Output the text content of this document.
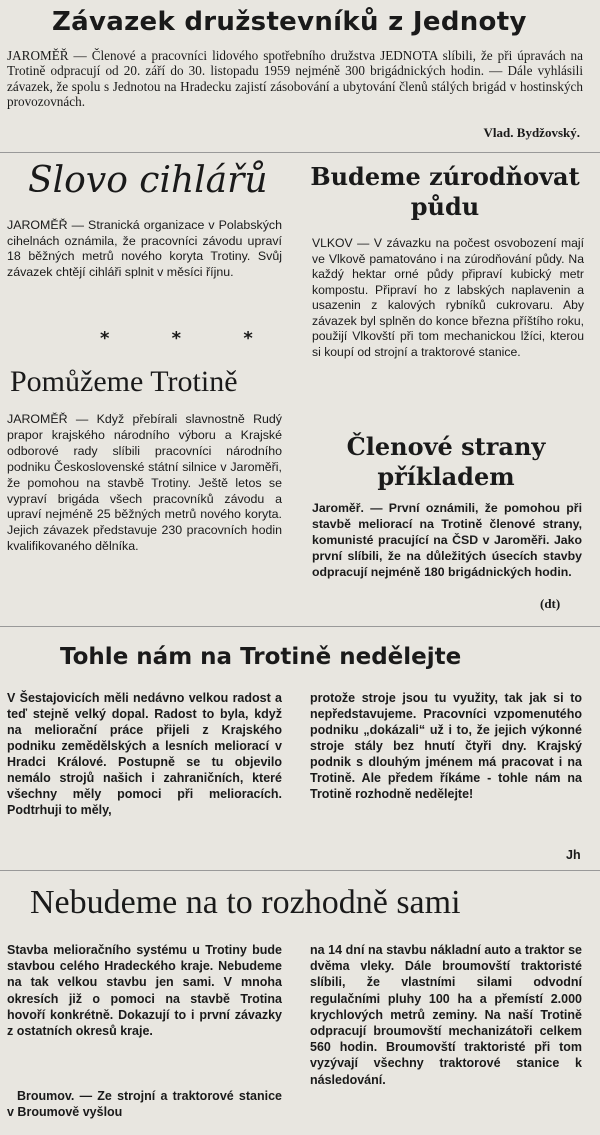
Závazek družstevníků z Jednoty

JAROMĚŘ — Členové a pracovníci lidového spotřebního družstva JEDNOTA slíbili, že při úpravách na Trotině odpracují od 20. září do 30. listopadu 1959 nejméně 300 brigádnických hodin. — Dále vyhlásili závazek, že spolu s Jednotou na Hradecku zajistí zásobování a ubytování členů stálých brigád v hostinských provozovnách.

Vlad. Bydžovský.
Slovo cihlářů

JAROMĚŘ — Stranická organizace v Polabských cihelnách oznámila, že pracovníci závodu upraví 18 běžných metrů nového koryta Trotiny. Svůj závazek chtějí cihláři splnit v měsíci říjnu.

* * *
Budeme zúrodňovat půdu

VLKOV — V závazku na počest osvobození mají ve Vlkově pamatováno i na zúrodňování půdy. Na každý hektar orné půdy připraví kubický metr kompostu. Připraví ho z labských naplavenin a usazenin z kalových rybníků cukrovaru. Aby závazek byl splněn do konce března příštího roku, použijí Vlkovští při tom mechanickou lžíci, kterou si koupí od strojní a traktorové stanice.

Pomůžeme Trotině

JAROMĚŘ — Když přebírali slavnostně Rudý prapor krajského národního výboru a Krajské odborové rady slíbili pracovníci národního podniku Československé státní silnice v Jaroměři, že pomohou na stavbě Trotiny. Ještě letos se vypraví brigáda všech pracovníků závodu a upraví nejméně 25 běžných metrů nového koryta. Jejich závazek představuje 230 pracovních hodin kvalifikovaného dělníka.

Členové strany příkladem

Jaroměř. — První oznámili, že pomohou při stavbě meliorací na Trotině členové strany, komunisté pracující na ČSD v Jaroměři. Jako první slíbili, že na důležitých úsecích stavby odpracují nejméně 180 brigádnických hodin.

(dt)
Tohle nám na Trotině nedělejte

V Šestajovicích měli nedávno velkou radost a teď stejně velký dopal. Radost to byla, když na meliorační práce přijeli z Krajského podniku zemědělských a lesních meliorací v Hradci Králové. Postupně se tu objevilo nemálo strojů našich i zahraničních, které všechny měly pomoci při melioracích. Podtrhuji to měly,

protože stroje jsou tu využity, tak jak si to nepředstavujeme. Pracovníci vzpomenutého podniku „dokázali“ už i to, že jejich výkonné stroje stály bez hnutí čtyři dny. Krajský podnik s dlouhým jménem má pracovat i na Trotině. Ale předem říkáme - tohle nám na Trotině rozhodně nedělejte!

Jh
Nebudeme na to rozhodně sami

Stavba melioračního systému u Trotiny bude stavbou celého Hradeckého kraje. Nebudeme na tak velkou stavbu jen sami. V mnoha okresích již o pomoci na stavbě Trotina hovoří konkrétně. Dokazují to i první závazky z ostatních okresů kraje.

Broumov. — Ze strojní a traktorové stanice v Broumově vyšlou

na 14 dní na stavbu nákladní auto a traktor se dvěma vleky. Dále broumovští traktoristé slíbili, že vlastními silami odvodní regulačními pluhy 100 ha a přemístí 2.000 krychlových metrů zeminy. Na naší Trotině odpracují broumovští mechanizátoři celkem 560 hodin. Broumovští traktoristé při tom vyzývají všechny traktorové stanice k následování.
